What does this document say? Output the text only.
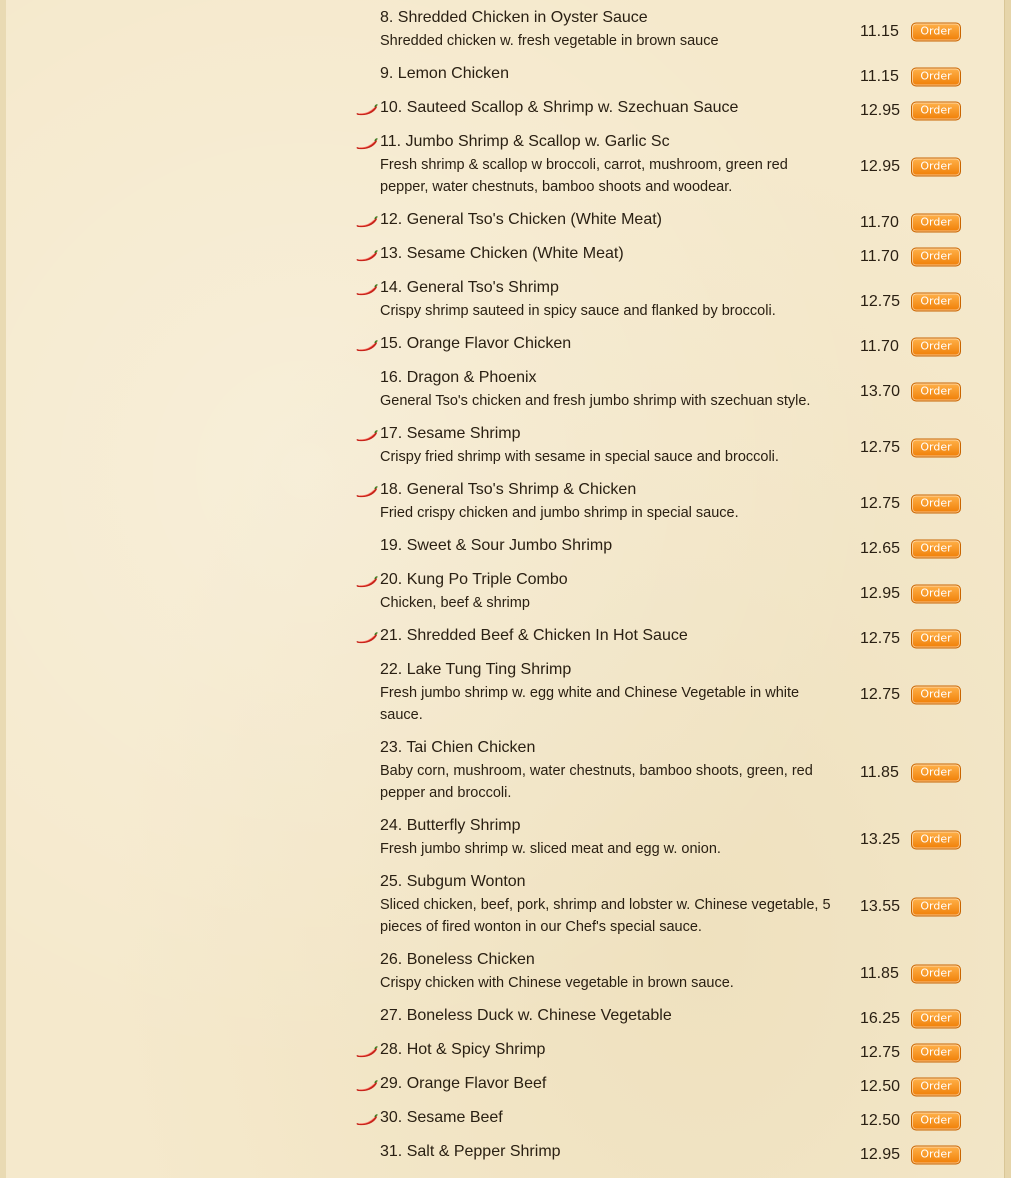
8. Shredded Chicken in Oyster Sauce
Shredded chicken w. fresh vegetable in brown sauce
11.15	Order
9. Lemon Chicken	11.15	Order
10. Sauteed Scallop & Shrimp w. Szechuan Sauce	12.95	Order
11. Jumbo Shrimp & Scallop w. Garlic Sc
Fresh shrimp & scallop w broccoli, carrot, mushroom, green red pepper, water chestnuts, bamboo shoots and woodear.
12.95	Order
12. General Tso's Chicken (White Meat)	11.70	Order
13. Sesame Chicken (White Meat)	11.70	Order
14. General Tso's Shrimp
Crispy shrimp sauteed in spicy sauce and flanked by broccoli.
12.75	Order
15. Orange Flavor Chicken	11.70	Order
16. Dragon & Phoenix
General Tso's chicken and fresh jumbo shrimp with szechuan style.
13.70	Order
17. Sesame Shrimp
Crispy fried shrimp with sesame in special sauce and broccoli.
12.75	Order
18. General Tso's Shrimp & Chicken
Fried crispy chicken and jumbo shrimp in special sauce.
12.75	Order
19. Sweet & Sour Jumbo Shrimp	12.65	Order
20. Kung Po Triple Combo
Chicken, beef & shrimp
12.95	Order
21. Shredded Beef & Chicken In Hot Sauce	12.75	Order
22. Lake Tung Ting Shrimp
Fresh jumbo shrimp w. egg white and Chinese Vegetable in white sauce.
12.75	Order
23. Tai Chien Chicken
Baby corn, mushroom, water chestnuts, bamboo shoots, green, red pepper and broccoli.
11.85	Order
24. Butterfly Shrimp
Fresh jumbo shrimp w. sliced meat and egg w. onion.
13.25	Order
25. Subgum Wonton
Sliced chicken, beef, pork, shrimp and lobster w. Chinese vegetable, 5 pieces of fired wonton in our Chef's special sauce.
13.55	Order
26. Boneless Chicken
Crispy chicken with Chinese vegetable in brown sauce.
11.85	Order
27. Boneless Duck w. Chinese Vegetable	16.25	Order
28. Hot & Spicy Shrimp	12.75	Order
29. Orange Flavor Beef	12.50	Order
30. Sesame Beef	12.50	Order
31. Salt & Pepper Shrimp	12.95	Order
